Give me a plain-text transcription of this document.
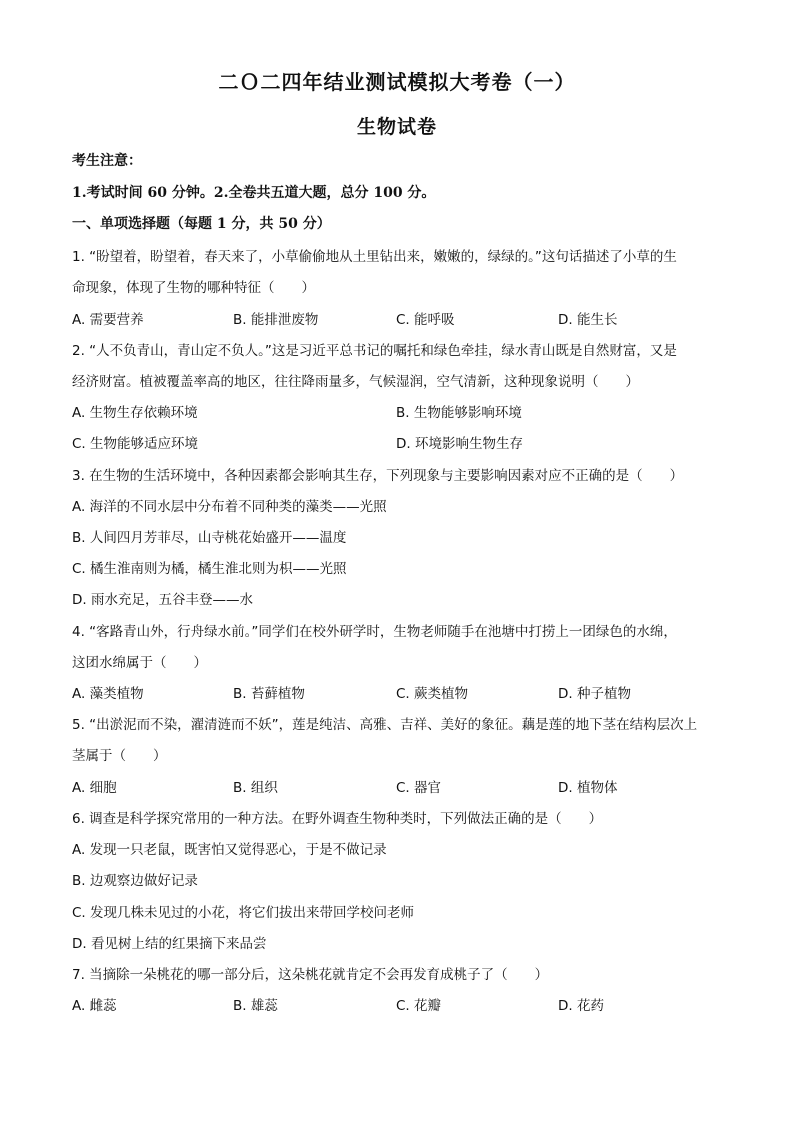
二Ｏ二四年结业测试模拟大考卷（一）
生物试卷
考生注意：
1.考试时间 60 分钟。2.全卷共五道大题，总分 100 分。
一、单项选择题（每题 1 分，共 50 分）
1. “盼望着，盼望着，春天来了，小草偷偷地从土里钻出来，嫩嫩的，绿绿的。”这句话描述了小草的生
命现象，体现了生物的哪种特征（　　）
A. 需要营养	B. 能排泄废物	C. 能呼吸	D. 能生长
2. “人不负青山，青山定不负人。”这是习近平总书记的嘱托和绿色牵挂，绿水青山既是自然财富，又是
经济财富。植被覆盖率高的地区，往往降雨量多，气候湿润，空气清新，这种现象说明（　　）
A. 生物生存依赖环境	B. 生物能够影响环境
C. 生物能够适应环境	D. 环境影响生物生存
3. 在生物的生活环境中，各种因素都会影响其生存，下列现象与主要影响因素对应不正确的是（　　）
A. 海洋的不同水层中分布着不同种类的藻类——光照
B. 人间四月芳菲尽，山寺桃花始盛开——温度
C. 橘生淮南则为橘，橘生淮北则为枳——光照
D. 雨水充足，五谷丰登——水
4. “客路青山外，行舟绿水前。”同学们在校外研学时，生物老师随手在池塘中打捞上一团绿色的水绵，
这团水绵属于（　　）
A. 藻类植物	B. 苔藓植物	C. 蕨类植物	D. 种子植物
5. “出淤泥而不染，濯清涟而不妖”，莲是纯洁、高雅、吉祥、美好的象征。藕是莲的地下茎在结构层次上
茎属于（　　）
A. 细胞	B. 组织	C. 器官	D. 植物体
6. 调查是科学探究常用的一种方法。在野外调查生物种类时，下列做法正确的是（　　）
A. 发现一只老鼠，既害怕又觉得恶心，于是不做记录
B. 边观察边做好记录
C. 发现几株未见过的小花，将它们拔出来带回学校问老师
D. 看见树上结的红果摘下来品尝
7. 当摘除一朵桃花的哪一部分后，这朵桃花就肯定不会再发育成桃子了（　　）
A. 雌蕊	B. 雄蕊	C. 花瓣	D. 花药
